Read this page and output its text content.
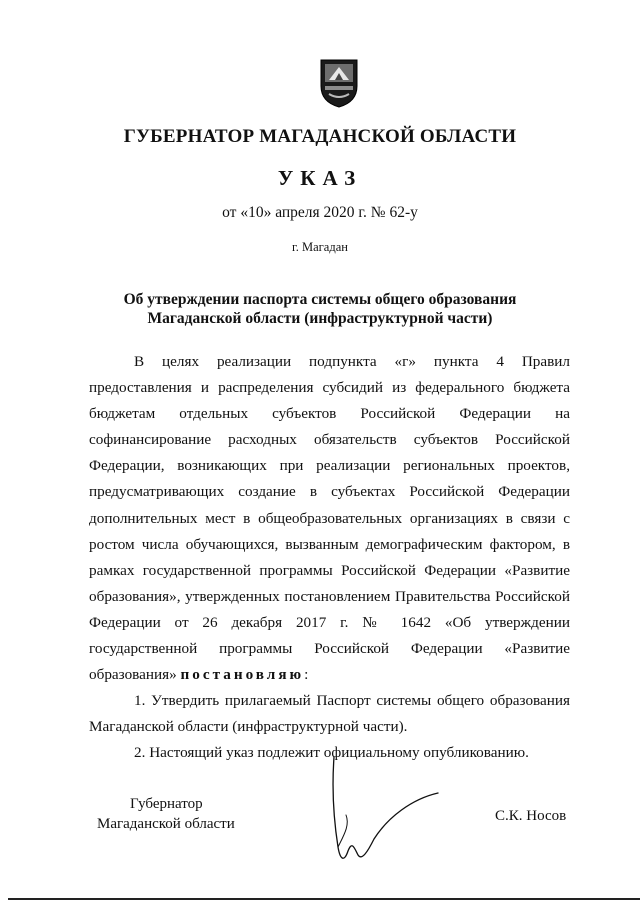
ГУБЕРНАТОР МАГАДАНСКОЙ ОБЛАСТИ
УКАЗ
от «10» апреля 2020 г. № 62-у
г. Магадан
Об утверждении паспорта системы общего образования
Магаданской области (инфраструктурной части)

В целях реализации подпункта «г» пункта 4 Правил предоставления и распределения субсидий из федерального бюджета бюджетам отдельных субъектов Российской Федерации на софинансирование расходных обязательств субъектов Российской Федерации, возникающих при реализации региональных проектов, предусматривающих создание в субъектах Российской Федерации дополнительных мест в общеобразовательных организациях в связи с ростом числа обучающихся, вызванным демографическим фактором, в рамках государственной программы Российской Федерации «Развитие образования», утвержденных постановлением Правительства Российской Федерации от 26 декабря 2017 г. № 1642 «Об утверждении государственной программы Российской Федерации «Развитие образования» постановляю:

1. Утвердить прилагаемый Паспорт системы общего образования Магаданской области (инфраструктурной части).

2. Настоящий указ подлежит официальному опубликованию.

Губернатор
Магаданской области	С.К. Носов
